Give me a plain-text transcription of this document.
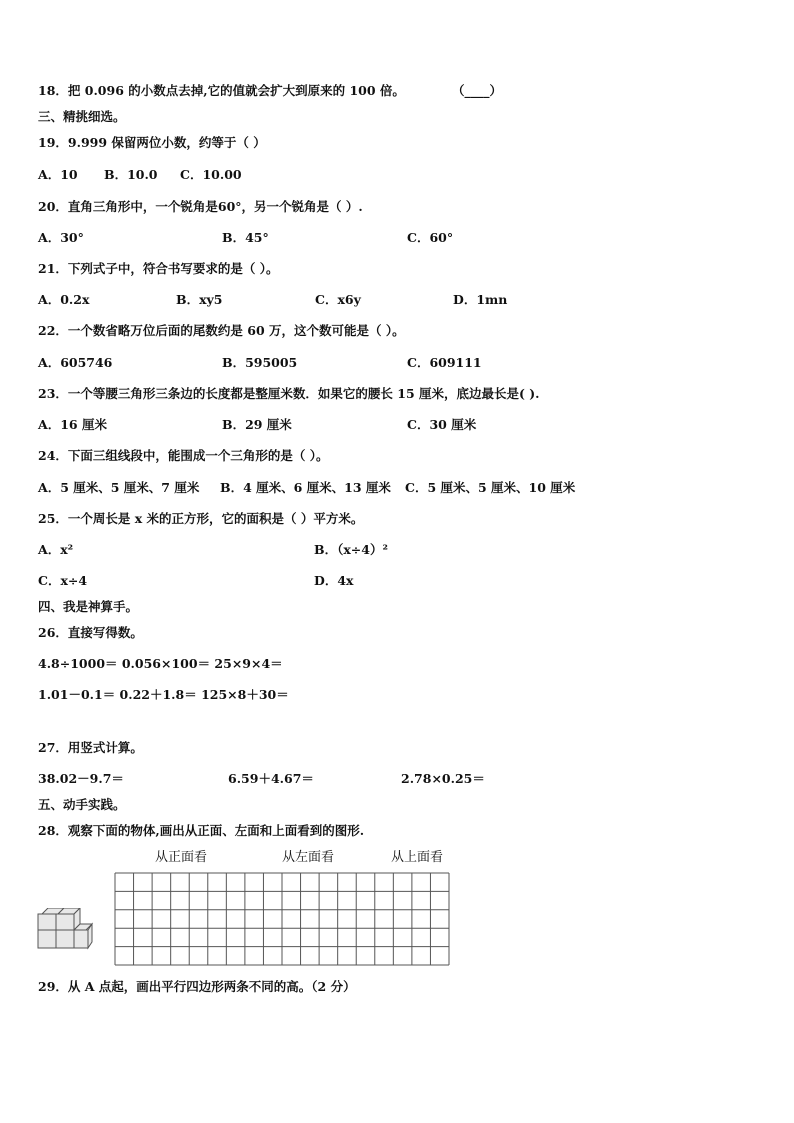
18．把 0.096 的小数点去掉,它的值就会扩大到原来的 100 倍。	（____）
三、精挑细选。
19．9.999 保留两位小数，约等于（ ）
A．10 B．10.0 C．10.00
20．直角三角形中，一个锐角是60°，另一个锐角是（ ）.
A．30°	B．45°	C．60°
21．下列式子中，符合书写要求的是（ ）。
A．0.2x	B．xy5	C．x6y	D．1mn
22．一个数省略万位后面的尾数约是 60 万，这个数可能是（ ）。
A．605746	B．595005	C．609111
23．一个等腰三角形三条边的长度都是整厘米数．如果它的腰长 15 厘米，底边最长是( ).
A．16 厘米	B．29 厘米	C．30 厘米
24．下面三组线段中，能围成一个三角形的是（ ）。
A．5 厘米、5 厘米、7 厘米 B．4 厘米、6 厘米、13 厘米 C．5 厘米、5 厘米、10 厘米
25．一个周长是 x 米的正方形，它的面积是（ ）平方米。
A．x²	B．（x÷4）²
C．x÷4	D．4x
四、我是神算手。
26．直接写得数。
4.8÷1000＝ 0.056×100＝ 25×9×4＝
1.01－0.1＝ 0.22＋1.8＝ 125×8＋30＝
27．用竖式计算。
38.02－9.7＝	6.59＋4.67＝	2.78×0.25＝
五、动手实践。
28．观察下面的物体,画出从正面、左面和上面看到的图形.
从正面看	从左面看	从上面看
29．从 A 点起，画出平行四边形两条不同的高。（2 分）
